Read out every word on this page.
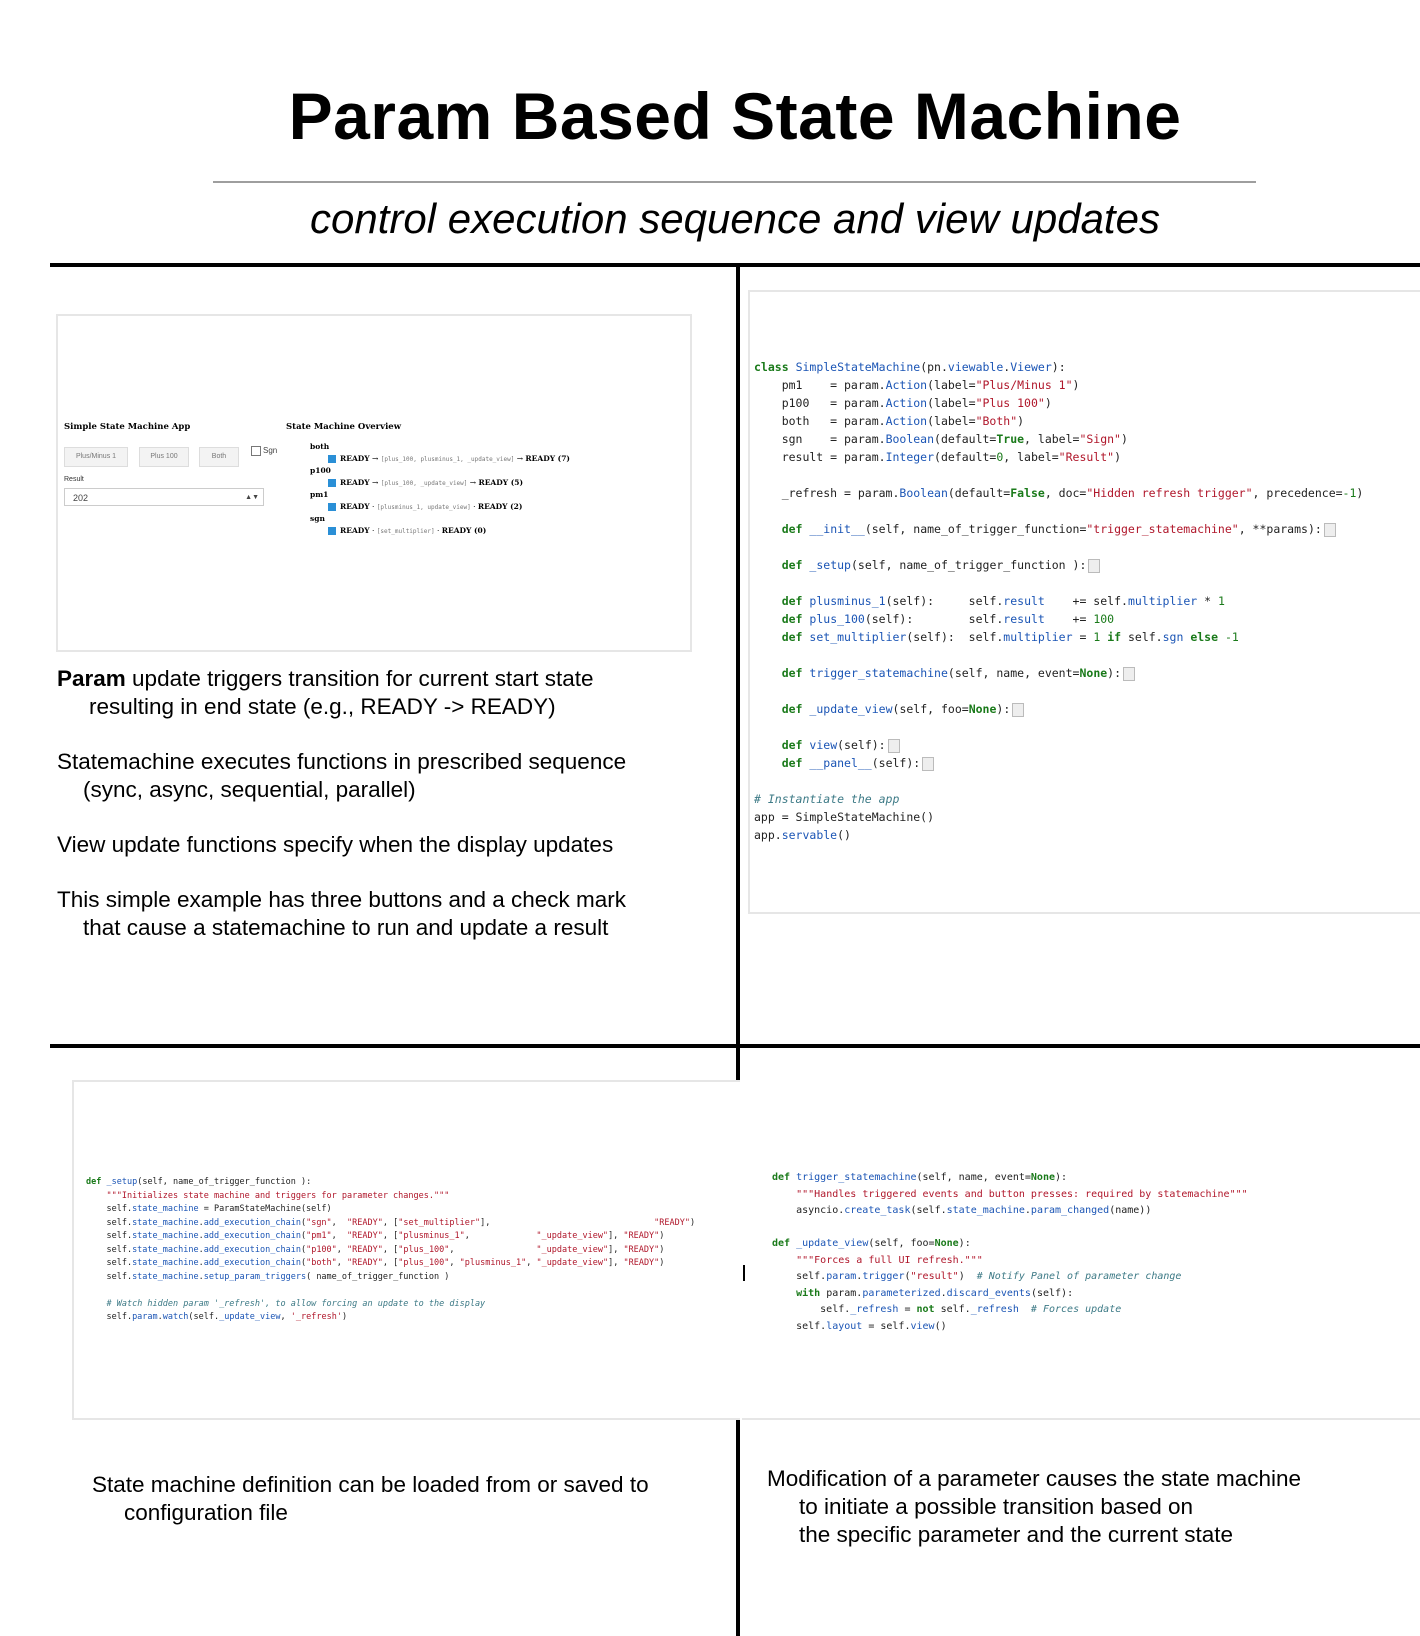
Param Based State Machine
control execution sequence and view updates
Simple State Machine App	State Machine Overview
Plus/Minus 1	Plus 100	Both
Sgn
Result
202	▲▼
both
READY → [plus_100, plusminus_1, _update_view] → READY (7)
p100
READY → [plus_100, _update_view] → READY (5)
pm1
READY · [plusminus_1, update_view] · READY (2)
sgn
READY · [set_multiplier] · READY (0)

Param update triggers transition for current start state
resulting in end state (e.g., READY -> READY)

Statemachine executes functions in prescribed sequence
(sync, async, sequential, parallel)

View update functions specify when the display updates

This simple example has three buttons and a check mark
that cause a statemachine to run and update a result

class SimpleStateMachine(pn.viewable.Viewer):
pm1    = param.Action(label="Plus/Minus 1")
p100   = param.Action(label="Plus 100")
both   = param.Action(label="Both")
sgn    = param.Boolean(default=True, label="Sign")
result = param.Integer(default=0, label="Result")

_refresh = param.Boolean(default=False, doc="Hidden refresh trigger", precedence=-1)

def __init__(self, name_of_trigger_function="trigger_statemachine", **params):

def _setup(self, name_of_trigger_function ):

def plusminus_1(self):     self.result    += self.multiplier * 1
def plus_100(self):        self.result    += 100
def set_multiplier(self):  self.multiplier = 1 if self.sgn else -1

def trigger_statemachine(self, name, event=None):

def _update_view(self, foo=None):

def view(self):
def __panel__(self):

# Instantiate the app
app = SimpleStateMachine()
app.servable()
def _setup(self, name_of_trigger_function ):
"""Initializes state machine and triggers for parameter changes."""
self.state_machine = ParamStateMachine(self)
self.state_machine.add_execution_chain("sgn",  "READY", ["set_multiplier"],                                "READY")
self.state_machine.add_execution_chain("pm1",  "READY", ["plusminus_1",             "_update_view"], "READY")
self.state_machine.add_execution_chain("p100", "READY", ["plus_100",                "_update_view"], "READY")
self.state_machine.add_execution_chain("both", "READY", ["plus_100", "plusminus_1", "_update_view"], "READY")
self.state_machine.setup_param_triggers( name_of_trigger_function )

# Watch hidden param '_refresh', to allow forcing an update to the display
self.param.watch(self._update_view, '_refresh')
def trigger_statemachine(self, name, event=None):
"""Handles triggered events and button presses: required by statemachine"""
asyncio.create_task(self.state_machine.param_changed(name))

def _update_view(self, foo=None):
"""Forces a full UI refresh."""
self.param.trigger("result")  # Notify Panel of parameter change
with param.parameterized.discard_events(self):
self._refresh = not self._refresh # Forces update
self.layout = self.view()
State machine definition can be loaded from or saved to
configuration file
Modification of a parameter causes the state machine
to initiate a possible transition based on
the specific parameter and the current state
